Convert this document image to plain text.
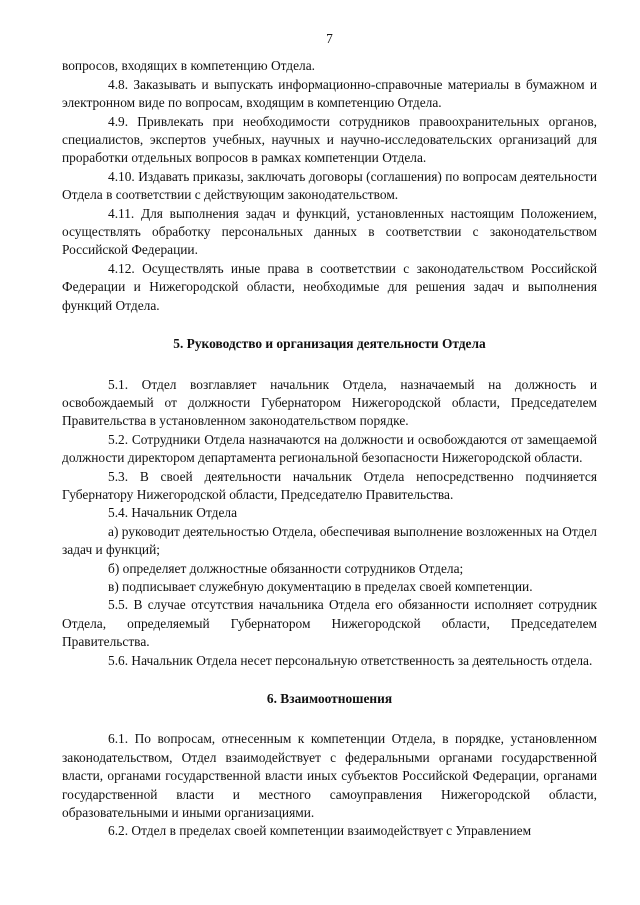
7

вопросов, входящих в компетенцию Отдела.

4.8. Заказывать и выпускать информационно-справочные материалы в бумажном и электронном виде по вопросам, входящим в компетенцию Отдела.

4.9. Привлекать при необходимости сотрудников правоохранительных органов, специалистов, экспертов учебных, научных и научно-исследовательских организаций для проработки отдельных вопросов в рамках компетенции Отдела.

4.10. Издавать приказы, заключать договоры (соглашения) по вопросам деятельности Отдела в соответствии с действующим законодательством.

4.11. Для выполнения задач и функций, установленных настоящим Положением, осуществлять обработку персональных данных в соответствии с законодательством Российской Федерации.

4.12. Осуществлять иные права в соответствии с законодательством Российской Федерации и Нижегородской области, необходимые для решения задач и выполнения функций Отдела.

5. Руководство и организация деятельности Отдела

5.1. Отдел возглавляет начальник Отдела, назначаемый на должность и освобождаемый от должности Губернатором Нижегородской области, Председателем Правительства в установленном законодательством порядке.

5.2. Сотрудники Отдела назначаются на должности и освобождаются от замещаемой должности директором департамента региональной безопасности Нижегородской области.

5.3. В своей деятельности начальник Отдела непосредственно подчиняется Губернатору Нижегородской области, Председателю Правительства.

5.4. Начальник Отдела

а) руководит деятельностью Отдела, обеспечивая выполнение возложенных на Отдел задач и функций;

б) определяет должностные обязанности сотрудников Отдела;

в) подписывает служебную документацию в пределах своей компетенции.

5.5. В случае отсутствия начальника Отдела его обязанности исполняет сотрудник Отдела, определяемый Губернатором Нижегородской области, Председателем Правительства.

5.6. Начальник Отдела несет персональную ответственность за деятельность отдела.

6. Взаимоотношения

6.1. По вопросам, отнесенным к компетенции Отдела, в порядке, установленном законодательством, Отдел взаимодействует с федеральными органами государственной власти, органами государственной власти иных субъектов Российской Федерации, органами государственной власти и местного самоуправления Нижегородской области, образовательными и иными организациями.

6.2. Отдел в пределах своей компетенции взаимодействует с Управлением
